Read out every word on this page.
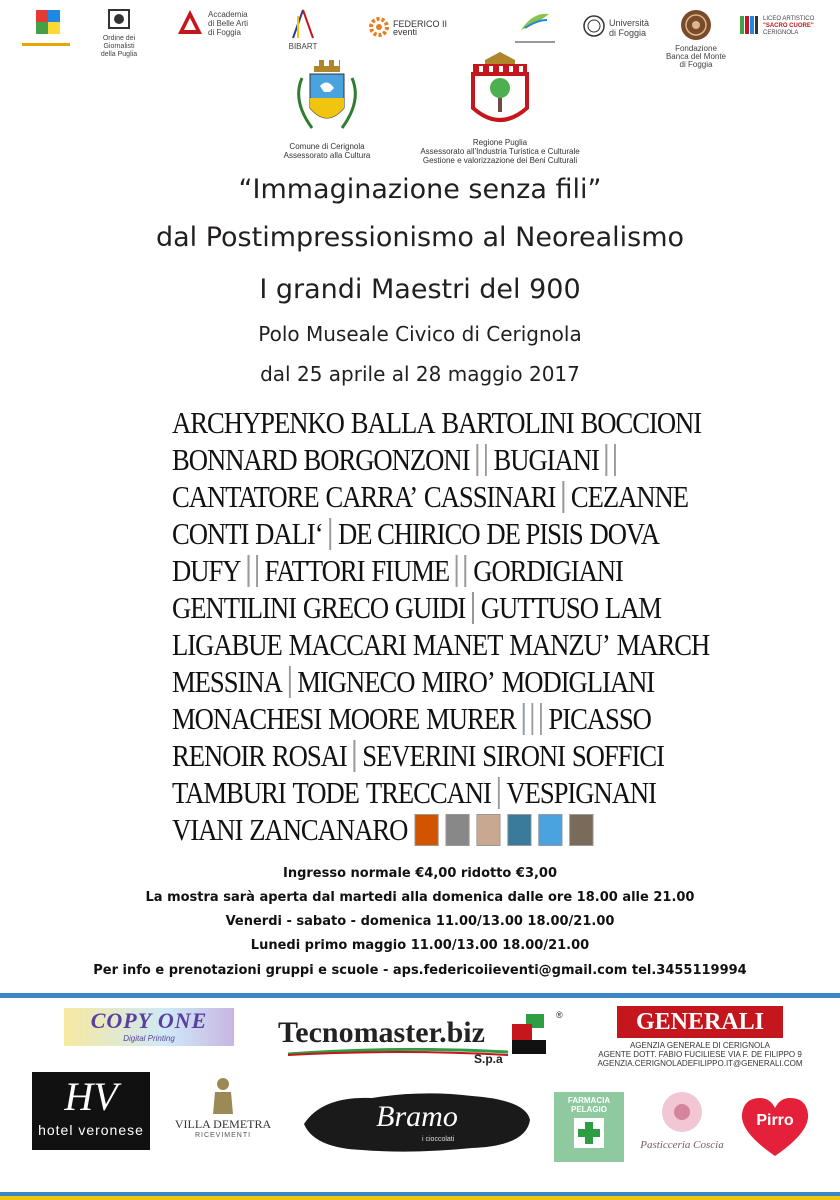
Ordine dei Giornalisti
della Puglia
Accademia
di Belle Arti
di Foggia
BIBART
FEDERICO II eventi
Università
di Foggia
Fondazione
Banca del Monte
di Foggia
LICEO ARTISTICO
"SACRO CUORE"
CERIGNOLA
Comune di Cerignola
Assessorato alla Cultura
Regione Puglia
Assessorato all'Industria Turistica e Culturale
Gestione e valorizzazione dei Beni Culturali
“Immaginazione senza fili”
dal Postimpressionismo al Neorealismo
I grandi Maestri del 900
Polo Museale Civico di Cerignola
dal 25 aprile al 28 maggio 2017
ARCHYPENKO BALLA BARTOLINI BOCCIONI
BONNARD BORGONZONI BUGIANI
CANTATORE CARRA’ CASSINARI CEZANNE
CONTI DALI‘ DE CHIRICO DE PISIS DOVA
DUFY FATTORI FIUME GORDIGIANI
GENTILINI GRECO GUIDI GUTTUSO LAM
LIGABUE MACCARI MANET MANZU’ MARCH
MESSINA MIGNECO MIRO’ MODIGLIANI
MONACHESI MOORE MURER PICASSO
RENOIR ROSAI SEVERINI SIRONI SOFFICI
TAMBURI TODE TRECCANI VESPIGNANI
VIANI ZANCANARO
Ingresso normale €4,00 ridotto €3,00
La mostra sarà aperta dal martedi alla domenica dalle ore 18.00 alle 21.00
Venerdi - sabato - domenica 11.00/13.00 18.00/21.00
Lunedi primo maggio 11.00/13.00 18.00/21.00
Per info e prenotazioni gruppi e scuole - aps.federicoiieventi@gmail.com tel.3455119994
COPY ONE
Digital Printing	Tecnomaster.biz
S.p.a
®	GENERALI
AGENZIA GENERALE DI CERIGNOLA
AGENTE DOTT. FABIO FUCILIESE VIA F. DE FILIPPO 9
AGENZIA.CERIGNOLADEFILIPPO.IT@GENERALI.COM
HV
hotel veronese	VILLA DEMETRA
RICEVIMENTI
Bramo
i cioccolati
FARMACIA
PELAGIO
Pasticceria Coscia
Pirro
